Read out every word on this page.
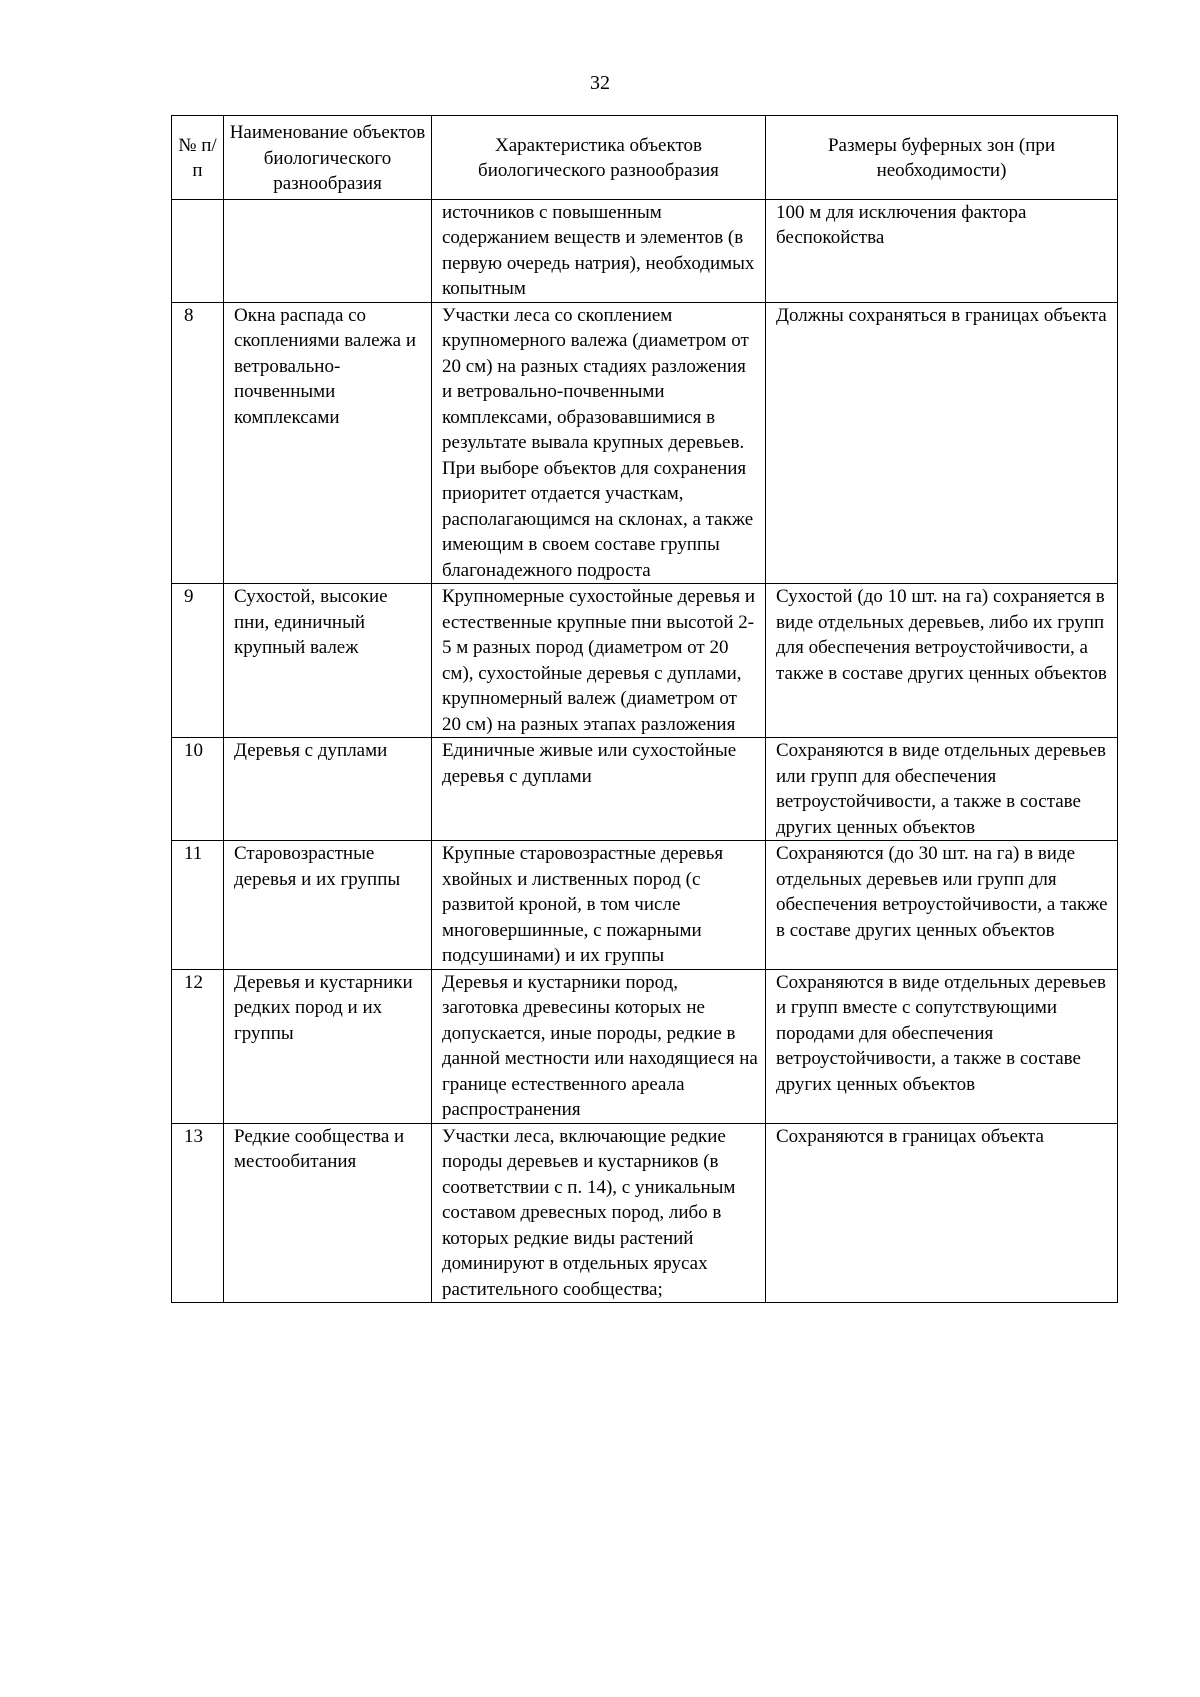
32
№ п/п	Наименование объектов биологического разнообразия	Характеристика объектов биологического разнообразия	Размеры буферных зон (при необходимости)
		источников с повышенным содержанием веществ и элементов (в первую очередь натрия), необходимых копытным	100 м для исключения фактора беспокойства
8	Окна распада со скоплениями валежа и ветровально-почвенными комплексами	Участки леса со скоплением крупномерного валежа (диаметром от 20 см) на разных стадиях разложения и ветровально-почвенными комплексами, образовавшимися в результате вывала крупных деревьев. При выборе объектов для сохранения приоритет отдается участкам, располагающимся на склонах, а также имеющим в своем составе группы благонадежного подроста	Должны сохраняться в границах объекта
9	Сухостой, высокие пни, единичный крупный валеж	Крупномерные сухостойные деревья и естественные крупные пни высотой 2-5 м разных пород (диаметром от 20 см), сухостойные деревья с дуплами, крупномерный валеж (диаметром от 20 см) на разных этапах разложения	Сухостой (до 10 шт. на га) сохраняется в виде отдельных деревьев, либо их групп для обеспечения ветроустойчивости, а также в составе других ценных объектов
10	Деревья с дуплами	Единичные живые или сухостойные деревья с дуплами	Сохраняются в виде отдельных деревьев или групп для обеспечения ветроустойчивости, а также в составе других ценных объектов
11	Старовозрастные деревья и их группы	Крупные старовозрастные деревья хвойных и лиственных пород (с развитой кроной, в том числе многовершинные, с пожарными подсушинами) и их группы	Сохраняются (до 30 шт. на га) в виде отдельных деревьев или групп для обеспечения ветроустойчивости, а также в составе других ценных объектов
12	Деревья и кустарники редких пород и их группы	Деревья и кустарники пород, заготовка древесины которых не допускается, иные породы, редкие в данной местности или находящиеся на границе естественного ареала распространения	Сохраняются в виде отдельных деревьев и групп вместе с сопутствующими породами для обеспечения ветроустойчивости, а также в составе других ценных объектов
13	Редкие сообщества и местообитания	Участки леса, включающие редкие породы деревьев и кустарников (в соответствии с п. 14), с уникальным составом древесных пород, либо в которых редкие виды растений доминируют в отдельных ярусах растительного сообщества;	Сохраняются в границах объекта
